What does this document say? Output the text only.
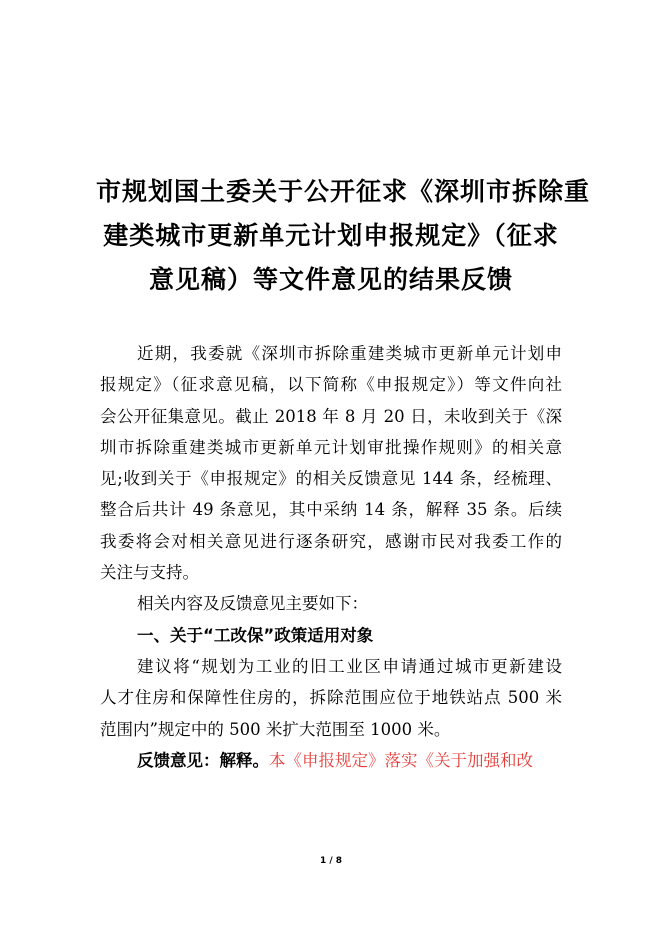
市规划国土委关于公开征求《深圳市拆除重
建类城市更新单元计划申报规定》（征求
意见稿）等文件意见的结果反馈
近期，我委就《深圳市拆除重建类城市更新单元计划申
报规定》（征求意见稿，以下简称《申报规定》）等文件向社
会公开征集意见。截止 2018 年 8 月 20 日，未收到关于《深
圳市拆除重建类城市更新单元计划审批操作规则》的相关意
见;收到关于《申报规定》的相关反馈意见 144 条，经梳理、
整合后共计 49 条意见，其中采纳 14 条，解释 35 条。后续
我委将会对相关意见进行逐条研究，感谢市民对我委工作的
关注与支持。
相关内容及反馈意见主要如下：
一、关于“工改保”政策适用对象
建议将“规划为工业的旧工业区申请通过城市更新建设
人才住房和保障性住房的，拆除范围应位于地铁站点 500 米
范围内”规定中的 500 米扩大范围至 1000 米。
反馈意见：解释。本《申报规定》落实《关于加强和改
1 / 8
